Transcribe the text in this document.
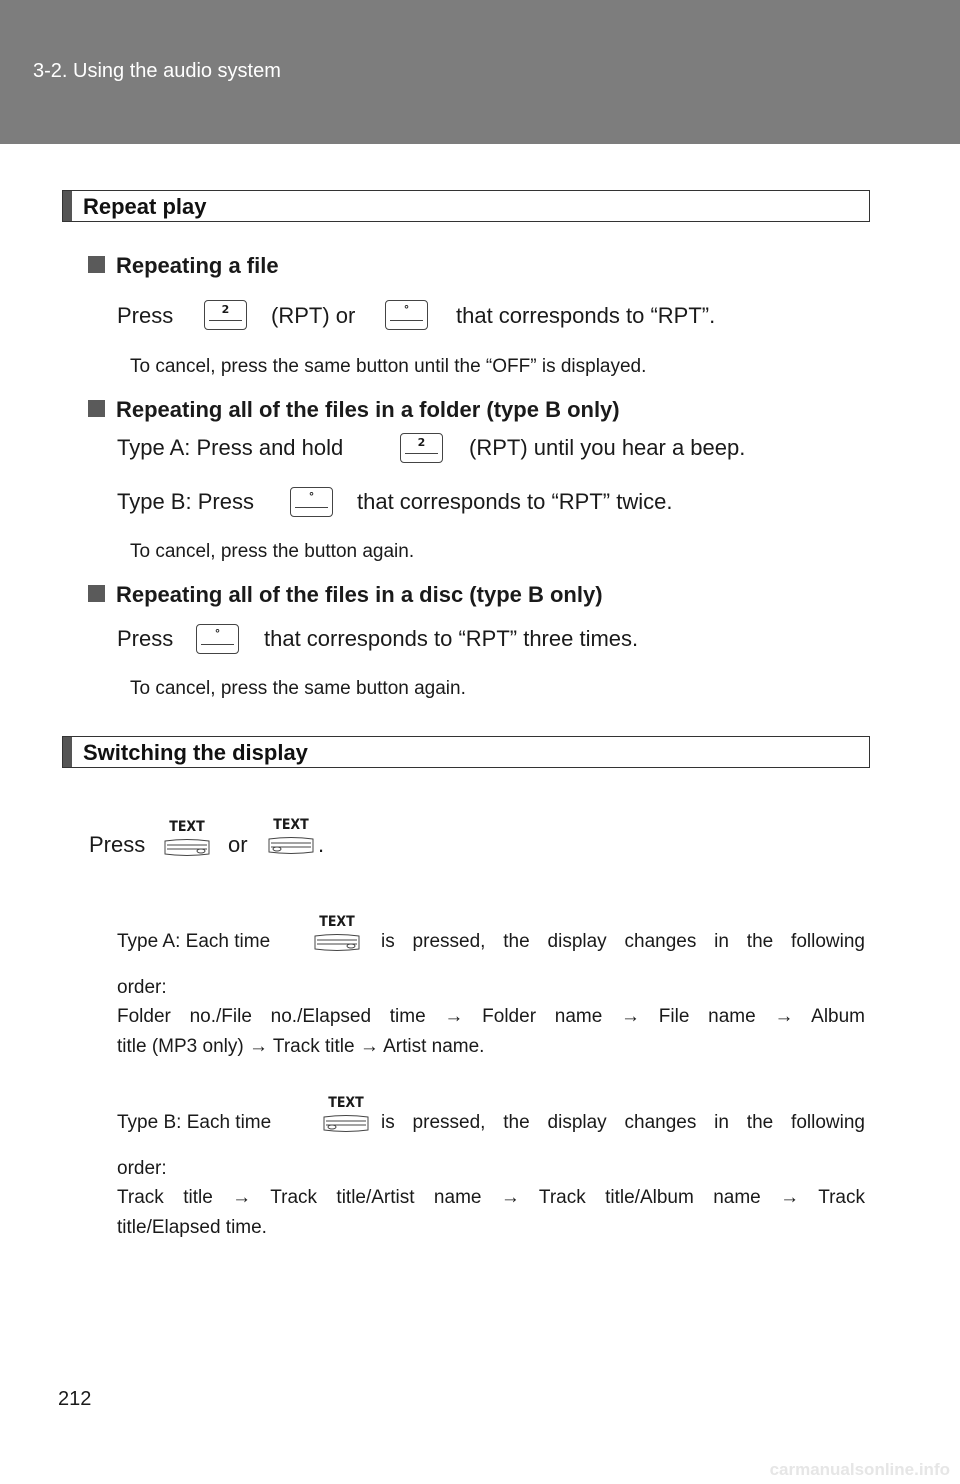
3-2. Using the audio system
Repeat play
Repeating a file
Press	2	(RPT) or	°	that corresponds to “RPT”.
To cancel, press the same button until the “OFF” is displayed.
Repeating all of the files in a folder (type B only)
Type A: Press and hold	2	(RPT) until you hear a beep.
Type B: Press	°	that corresponds to “RPT” twice.
To cancel, press the button again.
Repeating all of the files in a disc (type B only)
Press	°	that corresponds to “RPT” three times.
To cancel, press the same button again.
Switching the display
Press
TEXT
or
TEXT
.
Type A: Each time
TEXT
is pressed, the display changes in the following
order:
Folder no./File no./Elapsed time → Folder name → File name → Album
title (MP3 only) → Track title → Artist name.
Type B: Each time
TEXT
is pressed, the display changes in the following
order:
Track title → Track title/Artist name → Track title/Album name → Track
title/Elapsed time.
212
carmanualsonline.info
